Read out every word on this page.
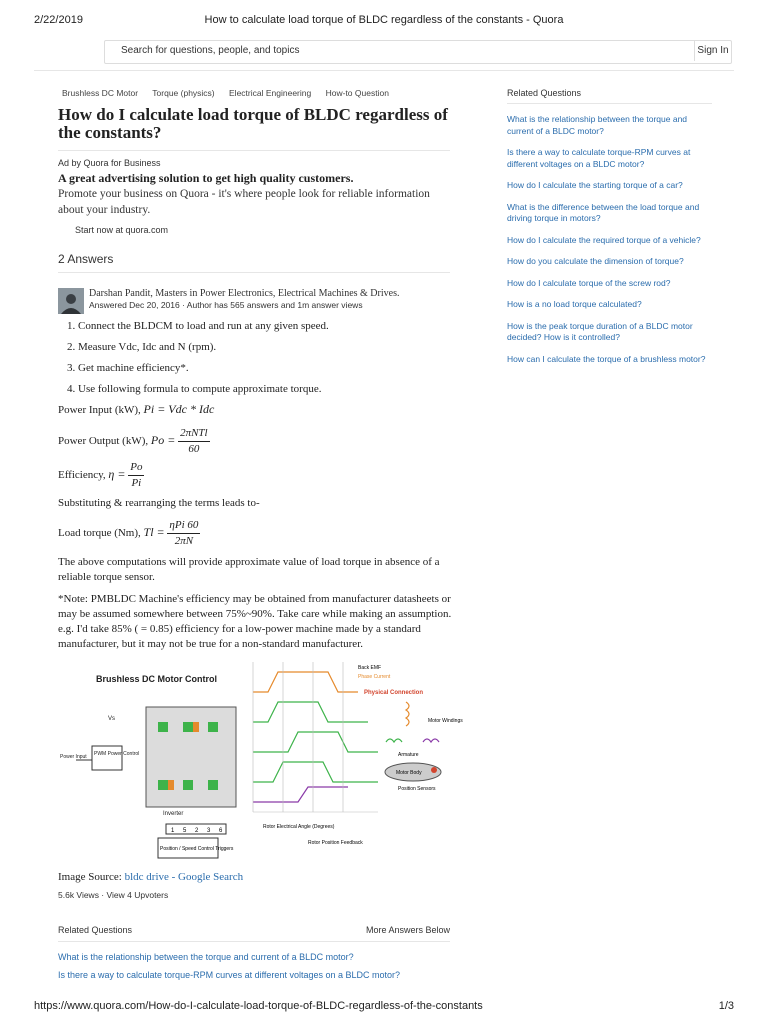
2/22/2019	How to calculate load torque of BLDC regardless of the constants - Quora
Search for questions, people, and topics	Sign In
Brushless DC Motor Torque (physics) Electrical Engineering How-to Question
How do I calculate load torque of BLDC regardless of the constants?
Ad by Quora for Business
A great advertising solution to get high quality customers.
Promote your business on Quora - it's where people look for reliable information about your industry.
Start now at quora.com
2 Answers
Darshan Pandit, Masters in Power Electronics, Electrical Machines & Drives.
Answered Dec 20, 2016 · Author has 565 answers and 1m answer views
1. Connect the BLDCM to load and run at any given speed.
2. Measure Vdc, Idc and N (rpm).
3. Get machine efficiency*.
4. Use following formula to compute approximate torque.
Power Input (kW), Pi = Vdc * Idc
Power Output (kW), $Po = \frac{\text{2πNTl}}{60}$
Efficiency, $\eta = \frac{Po}{Pi}$
Substituting & rearranging the terms leads to-
Load torque (Nm), $Tl = \frac{\text{ηPi 60}}{2\pi N}$
The above computations will provide approximate value of load torque in absence of a reliable torque sensor.
*Note: PMBLDC Machine's efficiency may be obtained from manufacturer datasheets or may be assumed somewhere between 75%~90%. Take care while making an assumption. e.g. I'd take 85% ( = 0.85) efficiency for a low-power machine made by a standard manufacturer, but it may not be true for a non-standard manufacturer.
Brushless DC Motor Control
Inverter
Vs
PWM Power Control
Power Input
1 5 2 3 6
Position / Speed Control Triggers
Rotor Electrical Angle (Degrees)
Rotor Position Feedback
Back EMF
Phase Current
Physical Connection
Motor Windings
Motor Body
Armature
Position Sensors
Image Source: bldc drive - Google Search
5.6k Views · View 4 Upvoters
Related Questions	More Answers Below
What is the relationship between the torque and current of a BLDC motor?
Is there a way to calculate torque-RPM curves at different voltages on a BLDC motor?
Related Questions
What is the relationship between the torque and current of a BLDC motor?
Is there a way to calculate torque-RPM curves at different voltages on a BLDC motor?
How do I calculate the starting torque of a car?
What is the difference between the load torque and driving torque in motors?
How do I calculate the required torque of a vehicle?
How do you calculate the dimension of torque?
How do I calculate torque of the screw rod?
How is a no load torque calculated?
How is the peak torque duration of a BLDC motor decided? How is it controlled?
How can I calculate the torque of a brushless motor?
https://www.quora.com/How-do-I-calculate-load-torque-of-BLDC-regardless-of-the-constants	1/3
